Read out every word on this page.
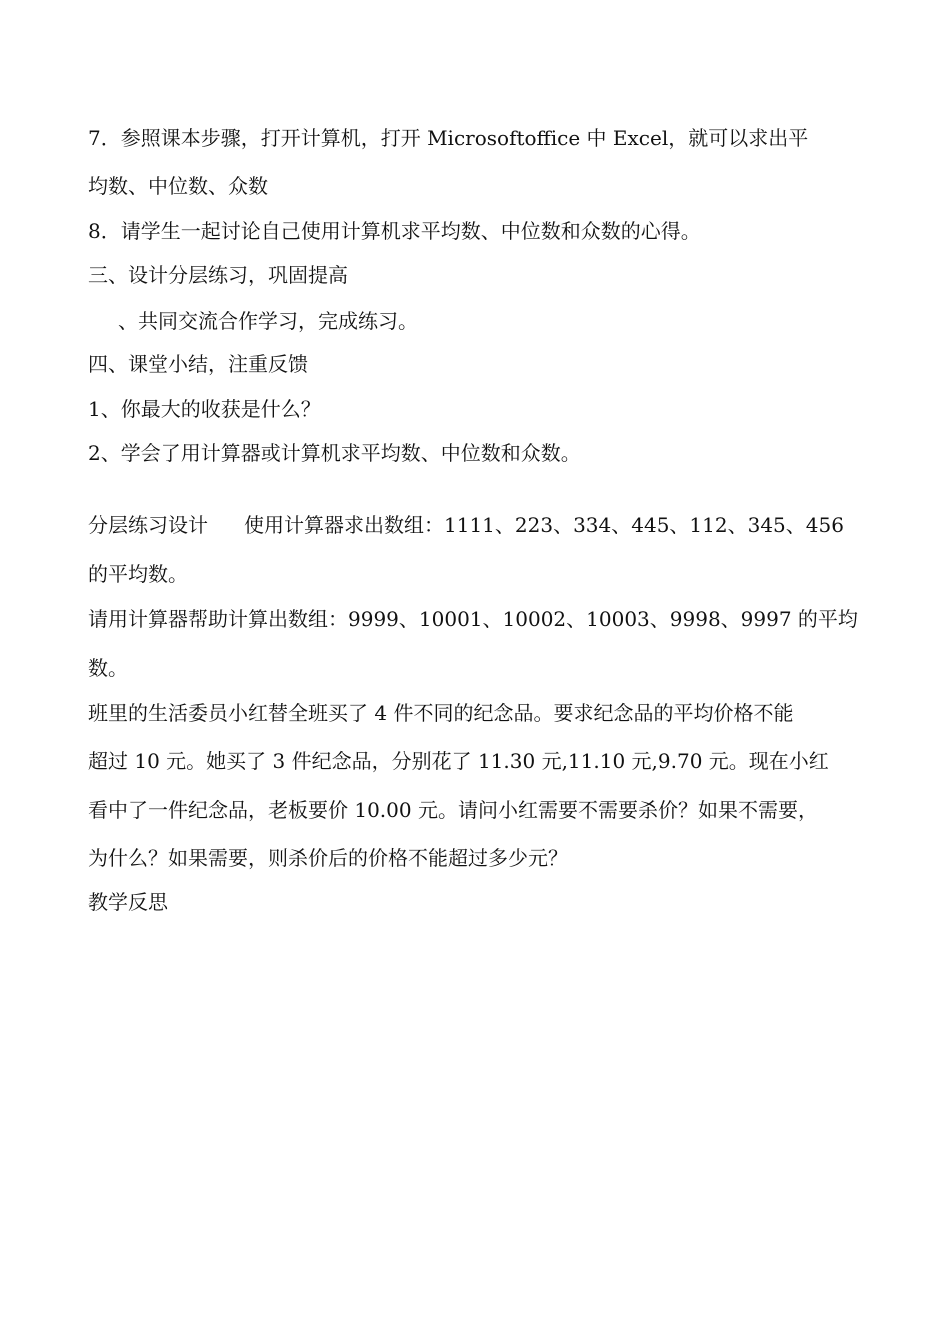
7．参照课本步骤，打开计算机，打开 Microsoftoffice 中 Excel，就可以求出平
均数、中位数、众数
8．请学生一起讨论自己使用计算机求平均数、中位数和众数的心得。
三、设计分层练习，巩固提高
、共同交流合作学习，完成练习。
四、课堂小结，注重反馈
1、你最大的收获是什么？
2、学会了用计算器或计算机求平均数、中位数和众数。
分层练习设计 使用计算器求出数组：1111、223、334、445、112、345、456
的平均数。
请用计算器帮助计算出数组：9999、10001、10002、10003、9998、9997 的平均
数。
班里的生活委员小红替全班买了 4 件不同的纪念品。要求纪念品的平均价格不能
超过 10 元。她买了 3 件纪念品，分别花了 11.30 元,11.10 元,9.70 元。现在小红
看中了一件纪念品，老板要价 10.00 元。请问小红需要不需要杀价？如果不需要，
为什么？如果需要，则杀价后的价格不能超过多少元？
教学反思
